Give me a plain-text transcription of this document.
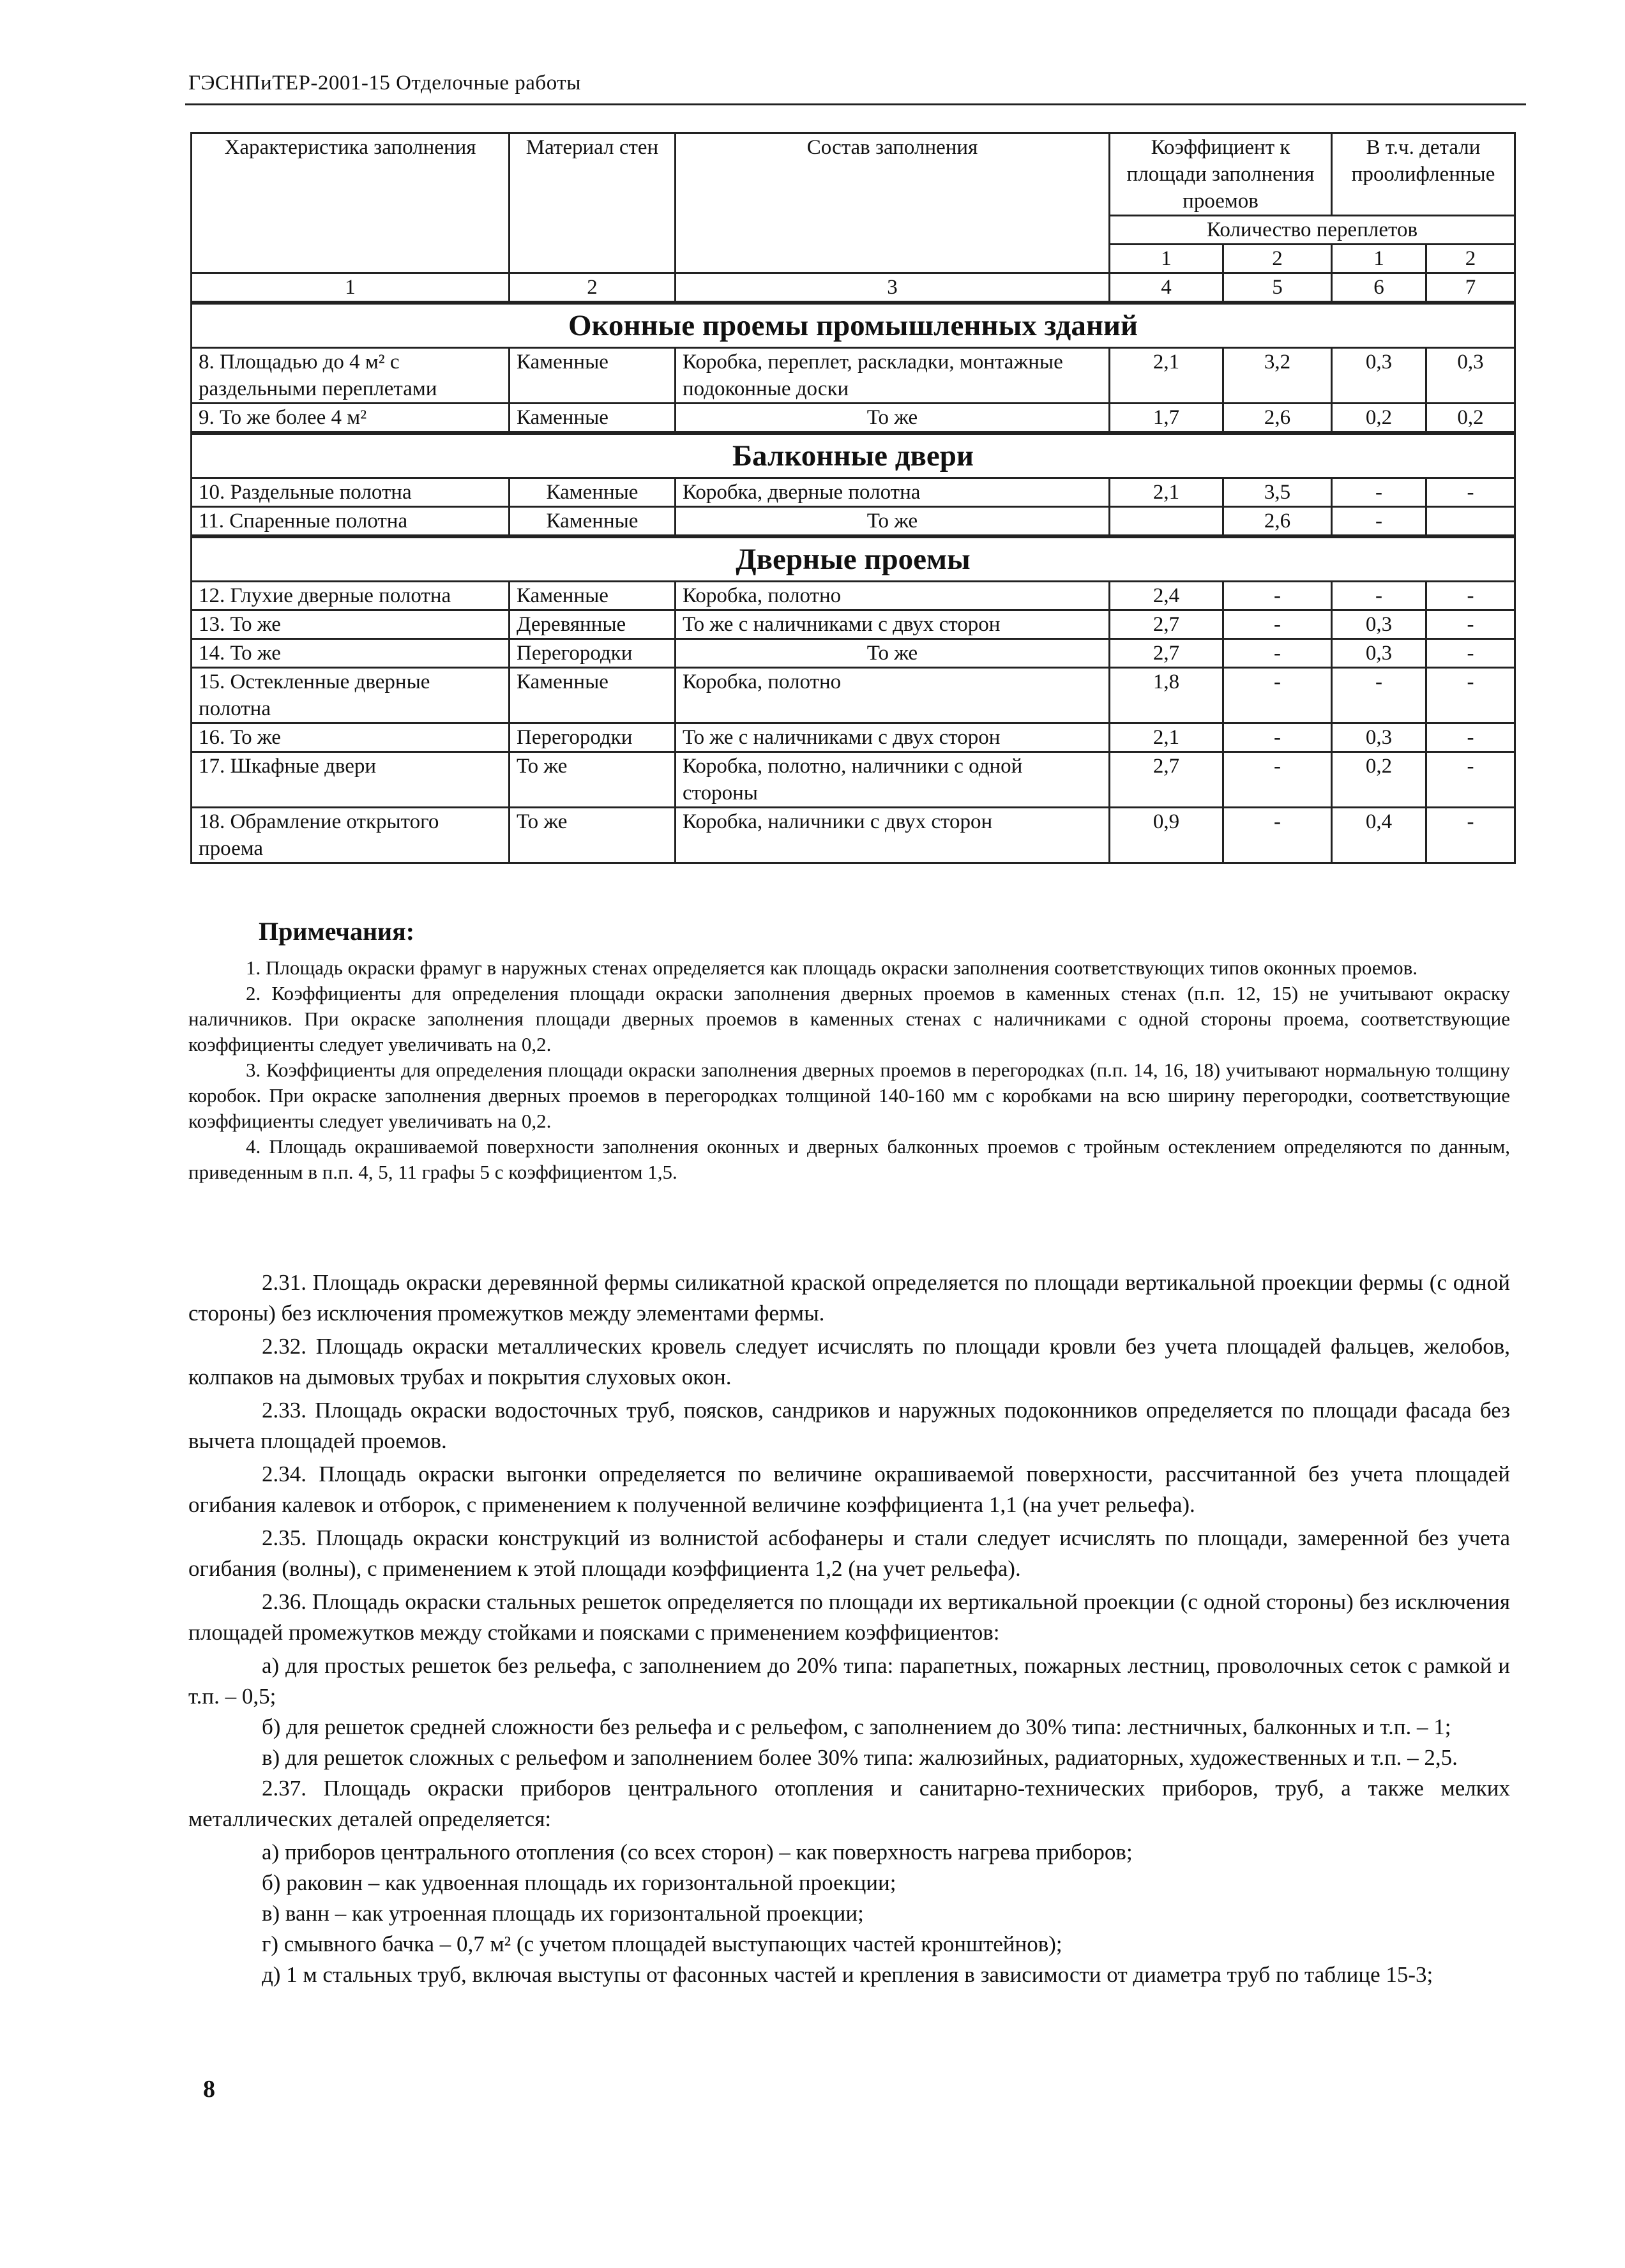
ГЭСНПиТЕР-2001-15 Отделочные работы
Характеристика заполнения	Материал стен	Состав заполнения	Коэффициент к площади заполнения проемов		В т.ч. детали проолифленные	
			Количество переплетов			
			1	2	1	2
1	2	3	4	5	6	7
Оконные проемы промышленных зданий						
8. Площадью до 4 м² с раздельными переплетами	Каменные	Коробка, переплет, раскладки, монтажные подоконные доски	2,1	3,2	0,3	0,3
9. То же более 4 м²	Каменные	То же	1,7	2,6	0,2	0,2
Балконные двери						
10. Раздельные полотна	Каменные	Коробка, дверные полотна	2,1	3,5	-	-
11. Спаренные полотна	Каменные	То же		2,6	-	
Дверные проемы						
12. Глухие дверные полотна	Каменные	Коробка, полотно	2,4	-	-	-
13. То же	Деревянные	То же с наличниками с двух сторон	2,7	-	0,3	-
14. То же	Перегородки	То же	2,7	-	0,3	-
15. Остекленные дверные полотна	Каменные	Коробка, полотно	1,8	-	-	-
16. То же	Перегородки	То же с наличниками с двух сторон	2,1	-	0,3	-
17. Шкафные двери	То же	Коробка, полотно, наличники с одной стороны	2,7	-	0,2	-
18. Обрамление открытого проема	То же	Коробка, наличники с двух сторон	0,9	-	0,4	-
Примечания:

1. Площадь окраски фрамуг в наружных стенах определяется как площадь окраски заполнения соответствующих типов оконных проемов.

2. Коэффициенты для определения площади окраски заполнения дверных проемов в каменных стенах (п.п. 12, 15) не учитывают окраску наличников. При окраске заполнения площади дверных проемов в каменных стенах с наличниками с одной стороны проема, соответствующие коэффициенты следует увеличивать на 0,2.

3. Коэффициенты для определения площади окраски заполнения дверных проемов в перегородках (п.п. 14, 16, 18) учитывают нормальную толщину коробок. При окраске заполнения дверных проемов в перегородках толщиной 140-160 мм с коробками на всю ширину перегородки, соответствующие коэффициенты следует увеличивать на 0,2.

4. Площадь окрашиваемой поверхности заполнения оконных и дверных балконных проемов с тройным остеклением определяются по данным, приведенным в п.п. 4, 5, 11 графы 5 с коэффициентом 1,5.

2.31. Площадь окраски деревянной фермы силикатной краской определяется по площади вертикальной проекции фермы (с одной стороны) без исключения промежутков между элементами фермы.

2.32. Площадь окраски металлических кровель следует исчислять по площади кровли без учета площадей фальцев, желобов, колпаков на дымовых трубах и покрытия слуховых окон.

2.33. Площадь окраски водосточных труб, поясков, сандриков и наружных подоконников определяется по площади фасада без вычета площадей проемов.

2.34. Площадь окраски выгонки определяется по величине окрашиваемой поверхности, рассчитанной без учета площадей огибания калевок и отборок, с применением к полученной величине коэффициента 1,1 (на учет рельефа).

2.35. Площадь окраски конструкций из волнистой асбофанеры и стали следует исчислять по площади, замеренной без учета огибания (волны), с применением к этой площади коэффициента 1,2 (на учет рельефа).

2.36. Площадь окраски стальных решеток определяется по площади их вертикальной проекции (с одной стороны) без исключения площадей промежутков между стойками и поясками с применением коэффициентов:

а) для простых решеток без рельефа, с заполнением до 20% типа: парапетных, пожарных лестниц, проволочных сеток с рамкой и т.п. – 0,5;

б) для решеток средней сложности без рельефа и с рельефом, с заполнением до 30% типа: лестничных, балконных и т.п. – 1;

в) для решеток сложных с рельефом и заполнением более 30% типа: жалюзийных, радиаторных, художественных и т.п. – 2,5.

2.37. Площадь окраски приборов центрального отопления и санитарно-технических приборов, труб, а также мелких металлических деталей определяется:

а) приборов центрального отопления (со всех сторон) – как поверхность нагрева приборов;

б) раковин – как удвоенная площадь их горизонтальной проекции;

в) ванн – как утроенная площадь их горизонтальной проекции;

г) смывного бачка – 0,7 м² (с учетом площадей выступающих частей кронштейнов);

д) 1 м стальных труб, включая выступы от фасонных частей и крепления в зависимости от диаметра труб по таблице 15-3;

8
